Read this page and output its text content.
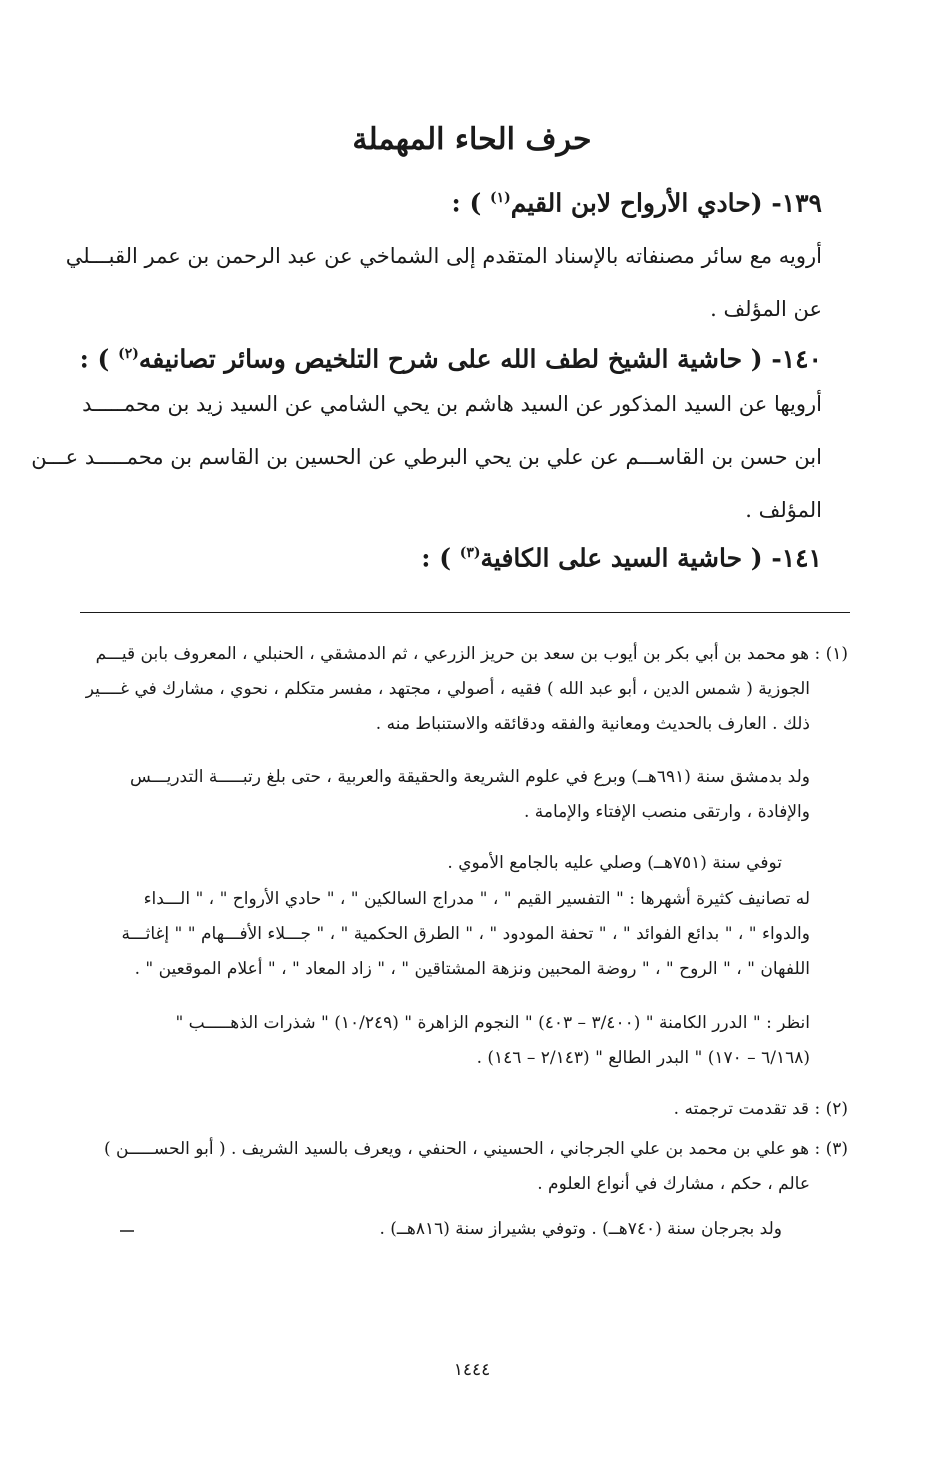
حرف الحاء المهملة
١٣٩- (حادي الأرواح لابن القيم$^{(١)}$ ) :
أرويه مع سائر مصنفاته بالإسناد المتقدم إلى الشماخي عن عبد الرحمن بن عمر القبـــلي
عن المؤلف .
١٤٠- ( حاشية الشيخ لطف الله على شرح التلخيص وسائر تصانيفه$^{(٢)}$ ) :
أرويها عن السيد المذكور عن السيد هاشم بن يحي الشامي عن السيد زيد بن محمـــــد
ابن حسن بن القاســـم عن علي بن يحي البرطي عن الحسين بن القاسم بن محمـــــد عـــن
المؤلف .
١٤١- ( حاشية السيد على الكافية$^{(٣)}$ ) :
(١) : هو محمد بن أبي بكر بن أيوب بن سعد بن حريز الزرعي ، ثم الدمشقي ، الحنبلي ، المعروف بابن قيـــم
الجوزية ( شمس الدين ، أبو عبد الله ) فقيه ، أصولي ، مجتهد ، مفسر متكلم ، نحوي ، مشارك في غــــير
ذلك . العارف بالحديث ومعانية والفقه ودقائقه والاستنباط منه .
ولد بدمشق سنة (٦٩١هــ) وبرع في علوم الشريعة والحقيقة والعربية ، حتى بلغ رتبـــــة التدريـــس
والإفادة ، وارتقى منصب الإفتاء والإمامة .
توفي سنة (٧٥١هــ) وصلي عليه بالجامع الأموي .
له تصانيف كثيرة أشهرها : " التفسير القيم " ، " مدراج السالكين " ، " حادي الأرواح " ، " الـــداء
والدواء " ، " بدائع الفوائد " ، " تحفة المودود " ، " الطرق الحكمية " ، " جـــلاء الأفـــهام " " إغاثـــة
اللفهان " ، " الروح " ، " روضة المحبين ونزهة المشتاقين " ، " زاد المعاد " ، " أعلام الموقعين " .
انظر : " الدرر الكامنة " (٣/٤٠٠ – ٤٠٣) " النجوم الزاهرة " (١٠/٢٤٩) " شذرات الذهـــــب "
(٦/١٦٨ – ١٧٠) " البدر الطالع " (٢/١٤٣ – ١٤٦) .
(٢) : قد تقدمت ترجمته .
(٣) : هو علي بن محمد بن علي الجرجاني ، الحسيني ، الحنفي ، ويعرف بالسيد الشريف . ( أبو الحســـــن )
عالم ، حكم ، مشارك في أنواع العلوم .
ولد بجرجان سنة (٧٤٠هــ) . وتوفي بشيراز سنة (٨١٦هــ) .
١٤٤٤
